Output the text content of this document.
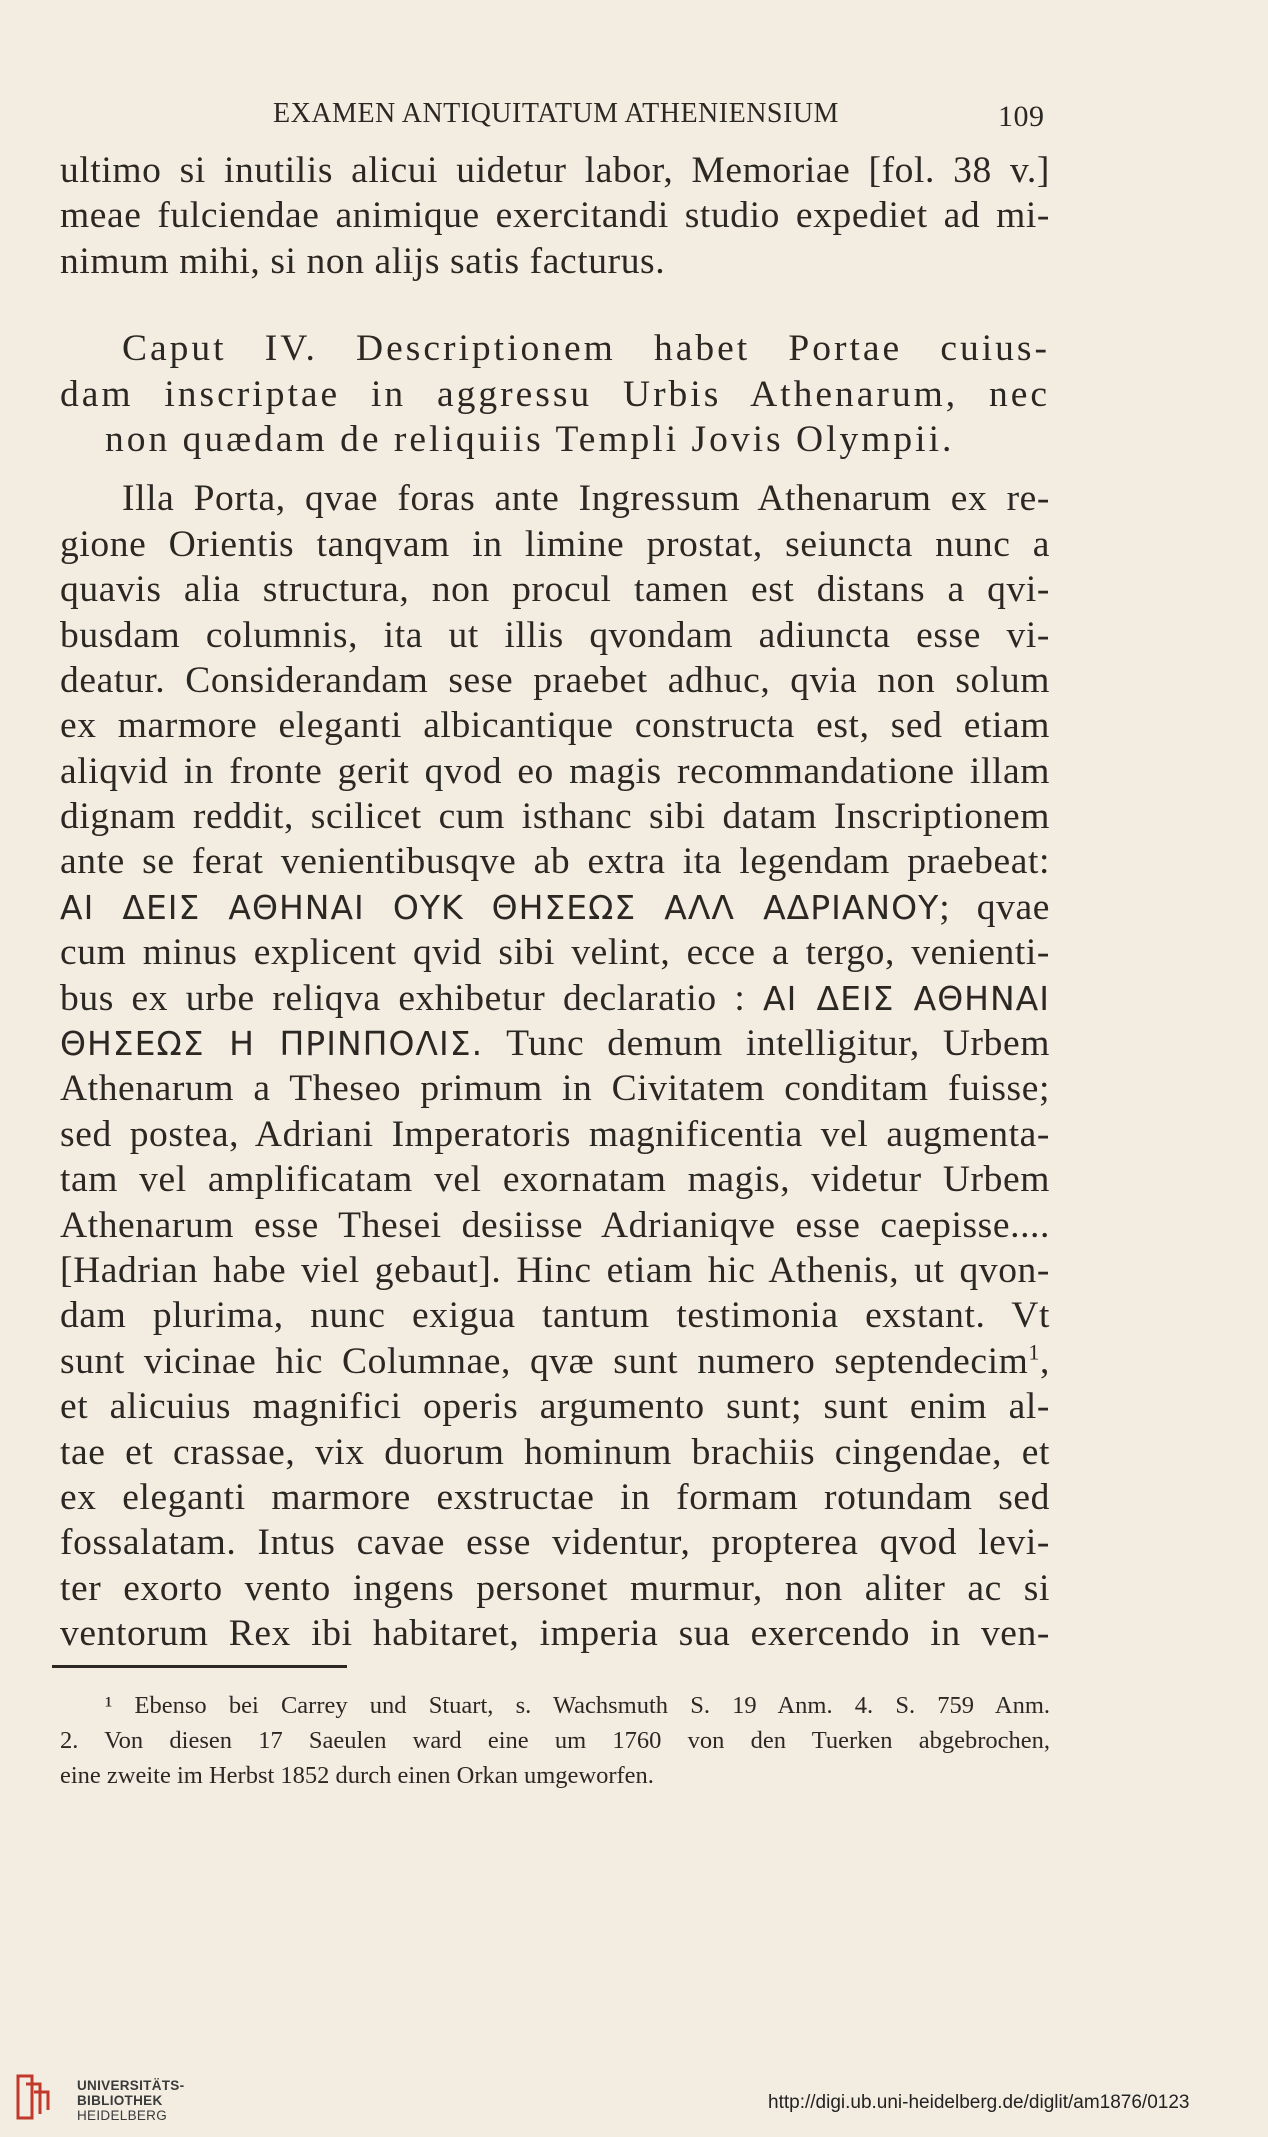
EXAMEN ANTIQUITATUM ATHENIENSIUM	109
ultimo si inutilis alicui uidetur labor, Memoriae [fol. 38 v.]
meae fulciendae animique exercitandi studio expediet ad mi-
nimum mihi, si non alijs satis facturus.
Caput IV. Descriptionem habet Portae cuius-
dam inscriptae in aggressu Urbis Athenarum, nec
non quædam de reliquiis Templi Jovis Olympii.
Illa Porta, qvae foras ante Ingressum Athenarum ex re-
gione Orientis tanqvam in limine prostat, seiuncta nunc a
quavis alia structura, non procul tamen est distans a qvi-
busdam columnis, ita ut illis qvondam adiuncta esse vi-
deatur. Considerandam sese praebet adhuc, qvia non solum
ex marmore eleganti albicantique constructa est, sed etiam
aliqvid in fronte gerit qvod eo magis recommandatione illam
dignam reddit, scilicet cum isthanc sibi datam Inscriptionem
ante se ferat venientibusqve ab extra ita legendam praebeat:
ΑΙ ΔΕΙΣ ΑΘΗΝΑΙ ΟΥΚ ΘΗΣΕΩΣ ΑΛΛ ΑΔΡΙΑΝΟΥ; qvae
cum minus explicent qvid sibi velint, ecce a tergo, venienti-
bus ex urbe reliqva exhibetur declaratio : ΑΙ ΔΕΙΣ ΑΘΗΝΑΙ
ΘΗΣΕΩΣ Η ΠΡΙΝΠΟΛΙΣ. Tunc demum intelligitur, Urbem
Athenarum a Theseo primum in Civitatem conditam fuisse;
sed postea, Adriani Imperatoris magnificentia vel augmenta-
tam vel amplificatam vel exornatam magis, videtur Urbem
Athenarum esse Thesei desiisse Adrianiqve esse caepisse....
[Hadrian habe viel gebaut]. Hinc etiam hic Athenis, ut qvon-
dam plurima, nunc exigua tantum testimonia exstant. Vt
sunt vicinae hic Columnae, qvæ sunt numero septendecim$^1$,
et alicuius magnifici operis argumento sunt; sunt enim al-
tae et crassae, vix duorum hominum brachiis cingendae, et
ex eleganti marmore exstructae in formam rotundam sed
fossalatam. Intus cavae esse videntur, propterea qvod levi-
ter exorto vento ingens personet murmur, non aliter ac si
ventorum Rex ibi habitaret, imperia sua exercendo in ven-
¹ Ebenso bei Carrey und Stuart, s. Wachsmuth S. 19 Anm. 4. S. 759 Anm.
2. Von diesen 17 Saeulen ward eine um 1760 von den Tuerken abgebrochen,
eine zweite im Herbst 1852 durch einen Orkan umgeworfen.
UNIVERSITÄTS-
BIBLIOTHEK
HEIDELBERG
http://digi.ub.uni-heidelberg.de/diglit/am1876/0123
